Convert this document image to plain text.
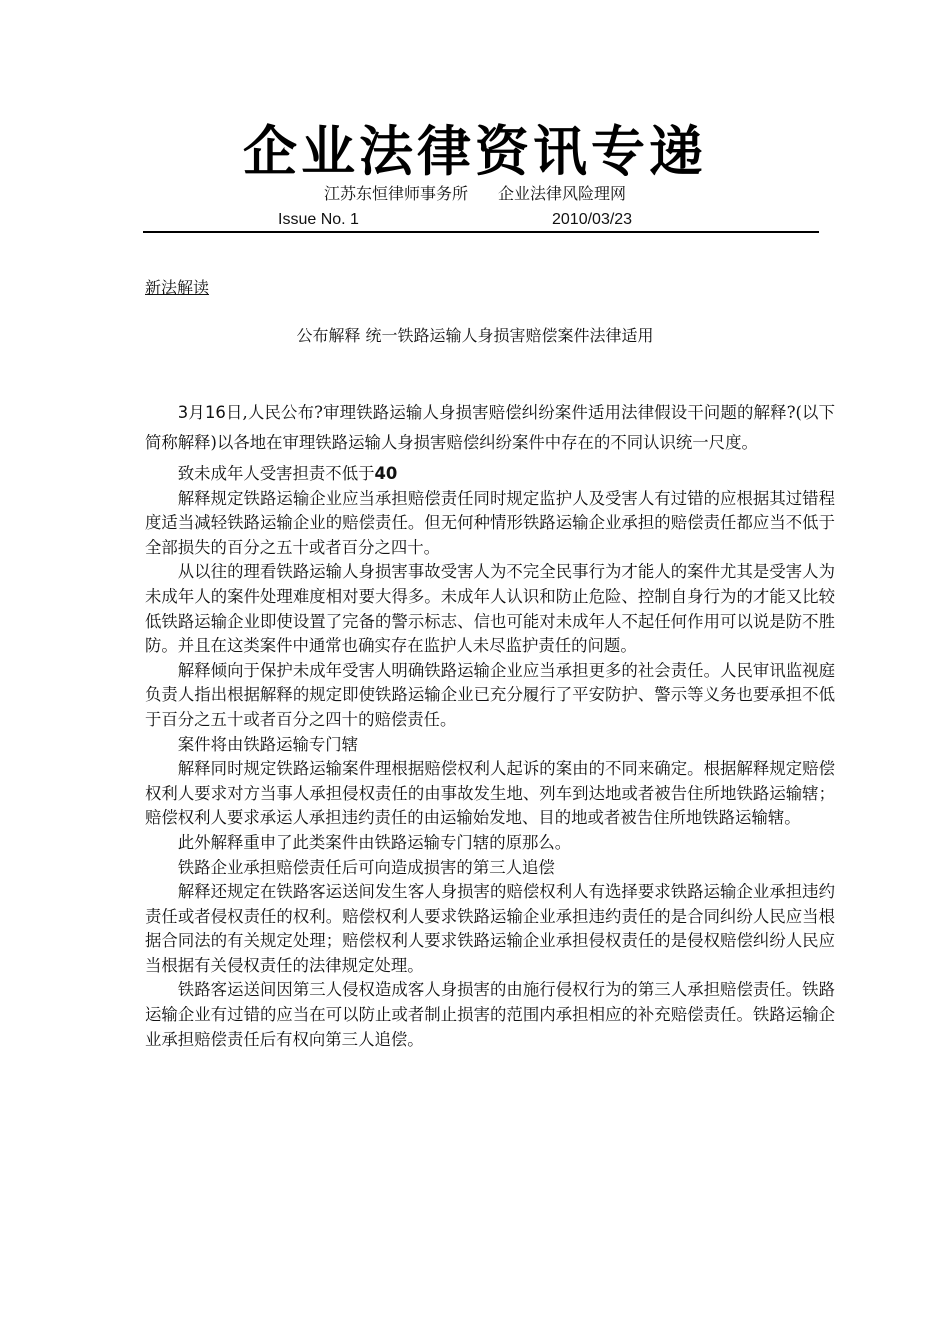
企业法律资讯专递
江苏东恒律师事务所 企业法律风险理网
Issue No. 1	2010/03/23
新法解读
公布解释 统一铁路运输人身损害赔偿案件法律适用

3月16日,人民公布?审理铁路运输人身损害赔偿纠纷案件适用法律假设干问题的解释?(以下简称解释)以各地在审理铁路运输人身损害赔偿纠纷案件中存在的不同认识统一尺度。

致未成年人受害担责不低于40

解释规定铁路运输企业应当承担赔偿责任同时规定监护人及受害人有过错的应根据其过错程度适当减轻铁路运输企业的赔偿责任。但无何种情形铁路运输企业承担的赔偿责任都应当不低于全部损失的百分之五十或者百分之四十。

从以往的理看铁路运输人身损害事故受害人为不完全民事行为才能人的案件尤其是受害人为未成年人的案件处理难度相对要大得多。未成年人认识和防止危险、控制自身行为的才能又比较低铁路运输企业即使设置了完备的警示标志、信也可能对未成年人不起任何作用可以说是防不胜防。并且在这类案件中通常也确实存在监护人未尽监护责任的问题。

解释倾向于保护未成年受害人明确铁路运输企业应当承担更多的社会责任。人民审讯监视庭负责人指出根据解释的规定即使铁路运输企业已充分履行了平安防护、警示等义务也要承担不低于百分之五十或者百分之四十的赔偿责任。

案件将由铁路运输专门辖

解释同时规定铁路运输案件理根据赔偿权利人起诉的案由的不同来确定。根据解释规定赔偿权利人要求对方当事人承担侵权责任的由事故发生地、列车到达地或者被告住所地铁路运输辖；赔偿权利人要求承运人承担违约责任的由运输始发地、目的地或者被告住所地铁路运输辖。

此外解释重申了此类案件由铁路运输专门辖的原那么。

铁路企业承担赔偿责任后可向造成损害的第三人追偿

解释还规定在铁路客运送间发生客人身损害的赔偿权利人有选择要求铁路运输企业承担违约责任或者侵权责任的权利。赔偿权利人要求铁路运输企业承担违约责任的是合同纠纷人民应当根据合同法的有关规定处理；赔偿权利人要求铁路运输企业承担侵权责任的是侵权赔偿纠纷人民应当根据有关侵权责任的法律规定处理。

铁路客运送间因第三人侵权造成客人身损害的由施行侵权行为的第三人承担赔偿责任。铁路运输企业有过错的应当在可以防止或者制止损害的范围内承担相应的补充赔偿责任。铁路运输企业承担赔偿责任后有权向第三人追偿。
